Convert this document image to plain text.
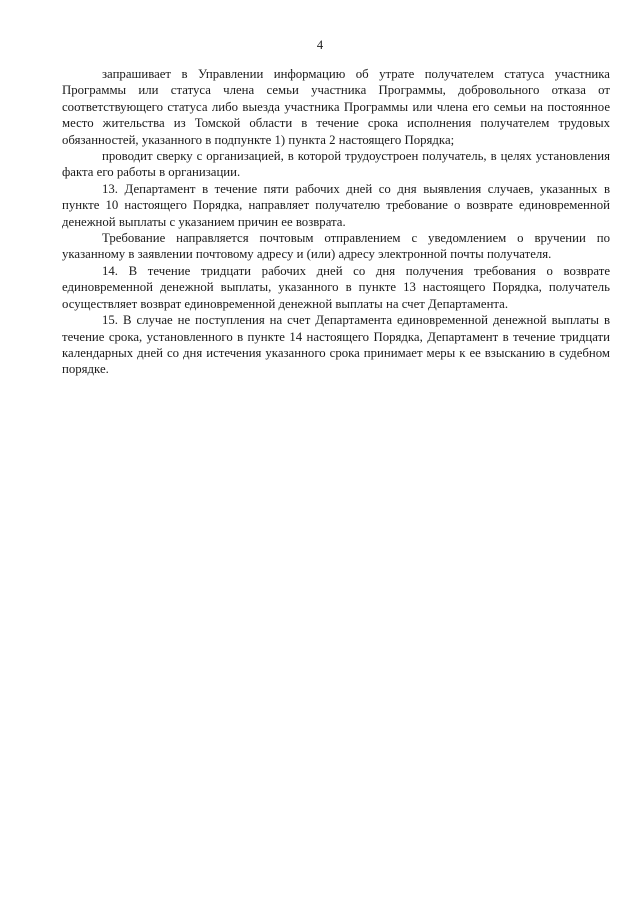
4

запрашивает в Управлении информацию об утрате получателем статуса участника Программы или статуса члена семьи участника Программы, добровольного отказа от соответствующего статуса либо выезда участника Программы или члена его семьи на постоянное место жительства из Томской области в течение срока исполнения получателем трудовых обязанностей, указанного в подпункте 1) пункта 2 настоящего Порядка;

проводит сверку с организацией, в которой трудоустроен получатель, в целях установления факта его работы в организации.

13. Департамент в течение пяти рабочих дней со дня выявления случаев, указанных в пункте 10 настоящего Порядка, направляет получателю требование о возврате единовременной денежной выплаты с указанием причин ее возврата.

Требование направляется почтовым отправлением с уведомлением о вручении по указанному в заявлении почтовому адресу и (или) адресу электронной почты получателя.

14. В течение тридцати рабочих дней со дня получения требования о возврате единовременной денежной выплаты, указанного в пункте 13 настоящего Порядка, получатель осуществляет возврат единовременной денежной выплаты на счет Департамента.

15. В случае не поступления на счет Департамента единовременной денежной выплаты в течение срока, установленного в пункте 14 настоящего Порядка, Департамент в течение тридцати календарных дней со дня истечения указанного срока принимает меры к ее взысканию в судебном порядке.
